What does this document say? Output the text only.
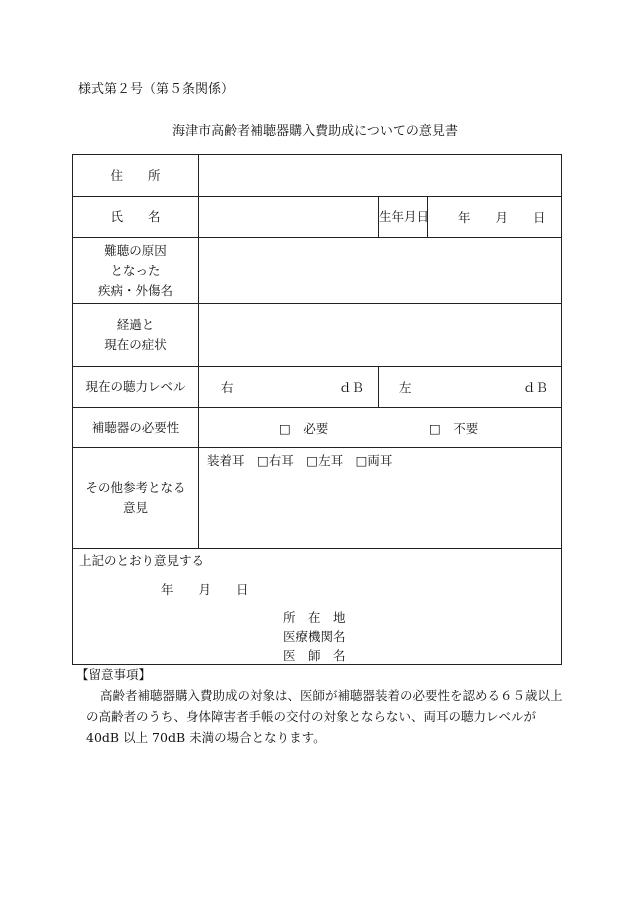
様式第２号（第５条関係）
海津市高齢者補聴器購入費助成についての意見書
住　　所			
氏　　名		生年月日	年　　月　　日

難聴の原因
となった
疾病・外傷名			

経過と
現在の症状			

現在の聴力レベル	右 ｄＢ	左 ｄＢ	

補聴器の必要性	□　必要 □　不要		

その他参考となる
意見	装着耳　□右耳　□左耳　□両耳		

上記のとおり意見する
年　　月　　日
所　在　地
医療機関名
医　師　名			
【留意事項】
高齢者補聴器購入費助成の対象は、医師が補聴器装着の必要性を認める６５歳以上の高齢者のうち、身体障害者手帳の交付の対象とならない、両耳の聴力レベルが 40dB 以上 70dB 未満の場合となります。
